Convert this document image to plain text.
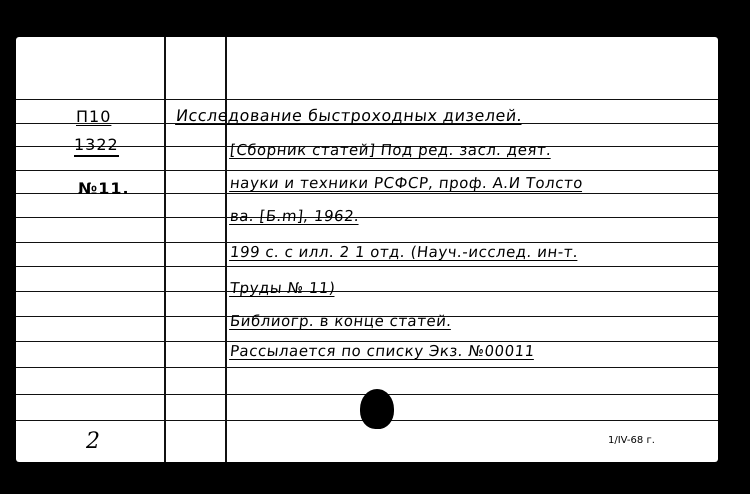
П10
1322
№11.
Исследование быстроходных дизелей.
[Сборник статей] Под ред. засл. деят.
науки и техники РСФСР, проф. А.И Толсто
ва. [Б.m], 1962.
199 с. с илл. 2 1 отд. (Науч.-исслед. ин-т.
Труды № 11)
Библиогр. в конце статей.
Рассылается по списку Экз. №00011
2	1/IV-68 г.
